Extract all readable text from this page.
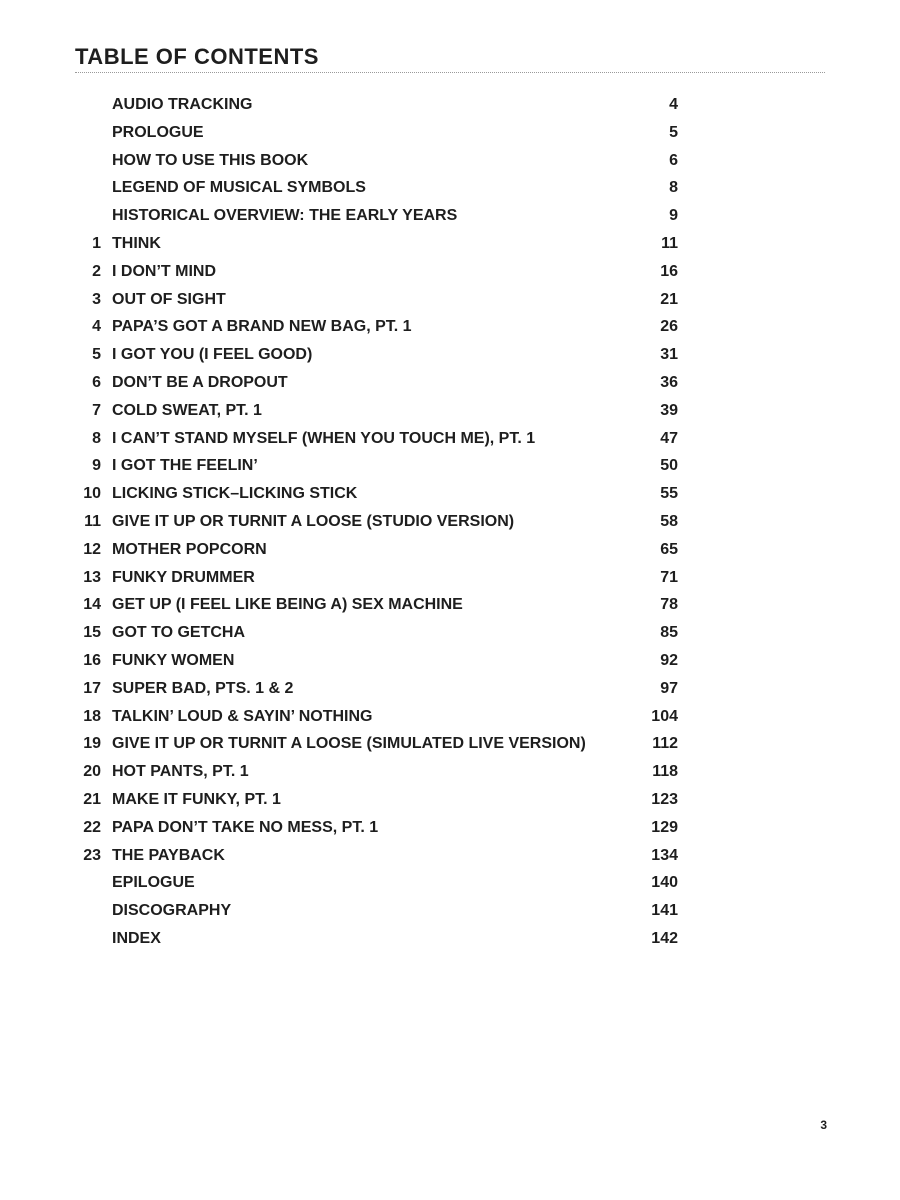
TABLE OF CONTENTS
AUDIO TRACKING	4
PROLOGUE	5
HOW TO USE THIS BOOK	6
LEGEND OF MUSICAL SYMBOLS	8
HISTORICAL OVERVIEW: THE EARLY YEARS	9
1 THINK	11
2 I DON’T MIND	16
3 OUT OF SIGHT	21
4 PAPA’S GOT A BRAND NEW BAG, PT. 1	26
5 I GOT YOU (I FEEL GOOD)	31
6 DON’T BE A DROPOUT	36
7 COLD SWEAT, PT. 1	39
8 I CAN’T STAND MYSELF (WHEN YOU TOUCH ME), PT. 1	47
9 I GOT THE FEELIN’	50
10 LICKING STICK–LICKING STICK	55
11 GIVE IT UP OR TURNIT A LOOSE (STUDIO VERSION)	58
12 MOTHER POPCORN	65
13 FUNKY DRUMMER	71
14 GET UP (I FEEL LIKE BEING A) SEX MACHINE	78
15 GOT TO GETCHA	85
16 FUNKY WOMEN	92
17 SUPER BAD, PTS. 1 & 2	97
18 TALKIN’ LOUD & SAYIN’ NOTHING	104
19 GIVE IT UP OR TURNIT A LOOSE (SIMULATED LIVE VERSION)	112
20 HOT PANTS, PT. 1	118
21 MAKE IT FUNKY, PT. 1	123
22 PAPA DON’T TAKE NO MESS, PT. 1	129
23 THE PAYBACK	134
EPILOGUE	140
DISCOGRAPHY	141
INDEX	142
3
